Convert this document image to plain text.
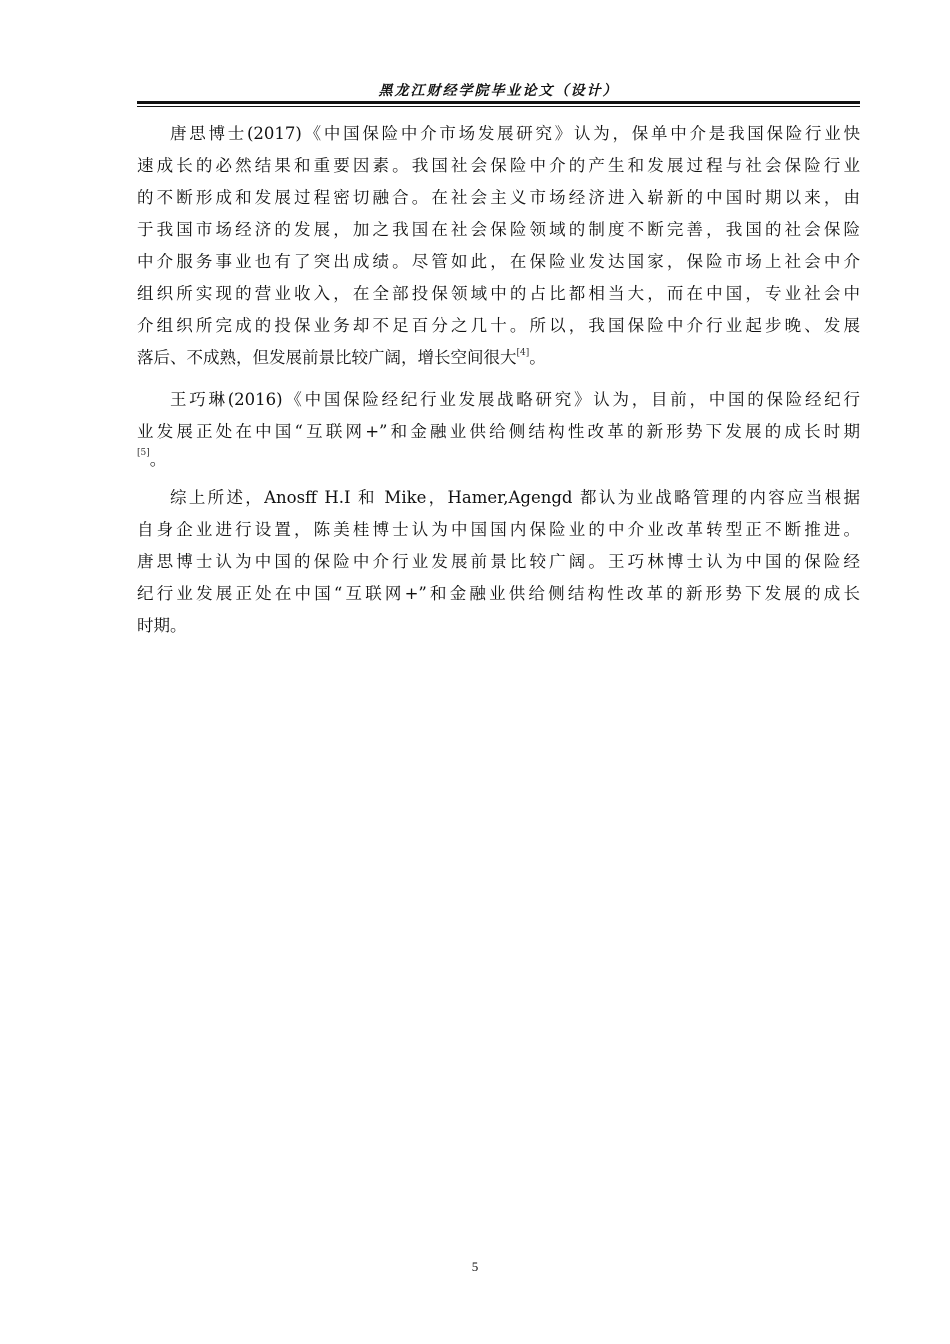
黑龙江财经学院毕业论文（设计）
唐思博士(2017)《中国保险中介市场发展研究》认为，保单中介是我国保险行业快
速成长的必然结果和重要因素。我国社会保险中介的产生和发展过程与社会保险行业
的不断形成和发展过程密切融合。在社会主义市场经济进入崭新的中国时期以来，由
于我国市场经济的发展，加之我国在社会保险领域的制度不断完善，我国的社会保险
中介服务事业也有了突出成绩。尽管如此，在保险业发达国家，保险市场上社会中介
组织所实现的营业收入，在全部投保领域中的占比都相当大，而在中国，专业社会中
介组织所完成的投保业务却不足百分之几十。所以，我国保险中介行业起步晚、发展
落后、不成熟，但发展前景比较广阔，增长空间很大[4]。
王巧琳(2016)《中国保险经纪行业发展战略研究》认为，目前，中国的保险经纪行
业发展正处在中国“互联网+”和金融业供给侧结构性改革的新形势下发展的成长时期
[5]。
综上所述，Anosff H.I 和 Mike，Hamer,Agengd 都认为业战略管理的内容应当根据
自身企业进行设置，陈美桂博士认为中国国内保险业的中介业改革转型正不断推进。
唐思博士认为中国的保险中介行业发展前景比较广阔。王巧林博士认为中国的保险经
纪行业发展正处在中国“互联网+”和金融业供给侧结构性改革的新形势下发展的成长
时期。
5
